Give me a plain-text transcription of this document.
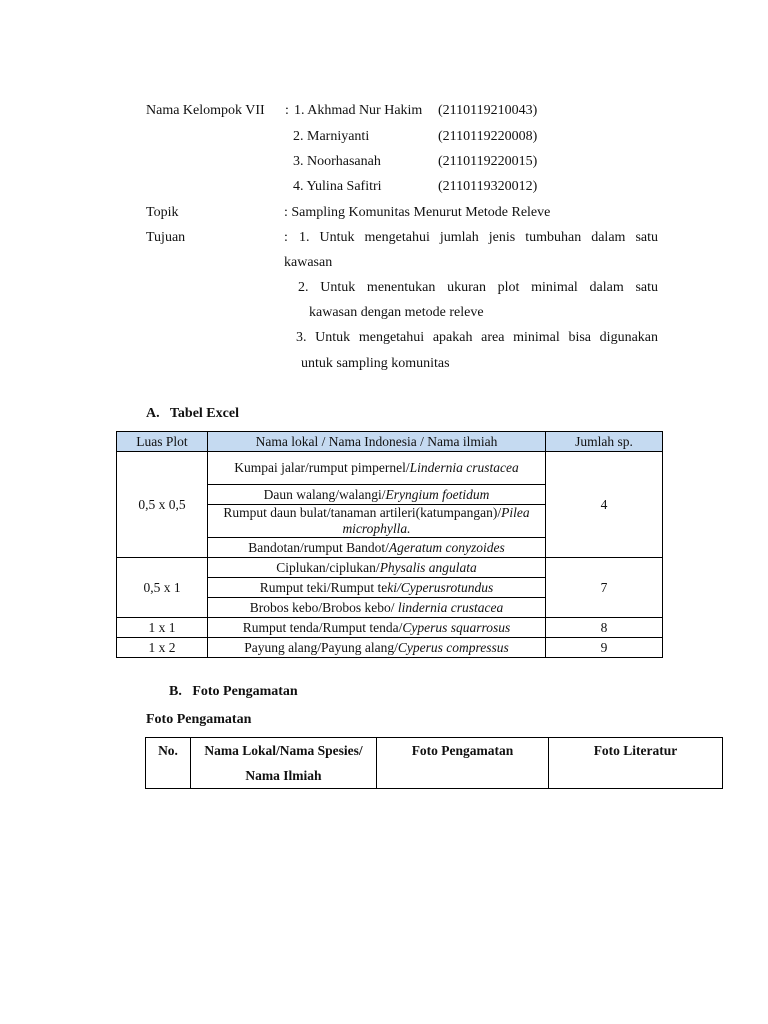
Nama Kelompok VII : 1. Akhmad Nur Hakim (2110119210043)
2. Marniyanti	(2110119220008)
3. Noorhasanah	(2110119220015)
4. Yulina Safitri	(2110119320012)
Topik	: Sampling Komunitas Menurut Metode Releve
Tujuan	: 1. Untuk mengetahui jumlah jenis tumbuhan dalam satu
kawasan
2. Untuk menentukan ukuran plot minimal dalam satu
kawasan dengan metode releve
3. Untuk mengetahui apakah area minimal bisa digunakan
untuk sampling komunitas
A.   Tabel Excel
Luas Plot	Nama lokal / Nama Indonesia / Nama ilmiah	Jumlah sp.
0,5 x 0,5	Kumpai jalar/rumput pimpernel/Lindernia crustacea	4
	Daun walang/walangi/Eryngium foetidum	
	Rumput daun bulat/tanaman artileri(katumpangan)/Pilea microphylla.	
	Bandotan/rumput Bandot/Ageratum conyzoides	
0,5 x 1	Ciplukan/ciplukan/Physalis angulata	7
	Rumput teki/Rumput teki/Cyperusrotundus	
	Brobos kebo/Brobos kebo/ lindernia crustacea	
1 x 1	Rumput tenda/Rumput tenda/Cyperus squarrosus	8
1 x 2	Payung alang/Payung alang/Cyperus compressus	9
B.   Foto Pengamatan
Foto Pengamatan
No.	Nama Lokal/Nama Spesies/ Nama Ilmiah	Foto Pengamatan	Foto Literatur
